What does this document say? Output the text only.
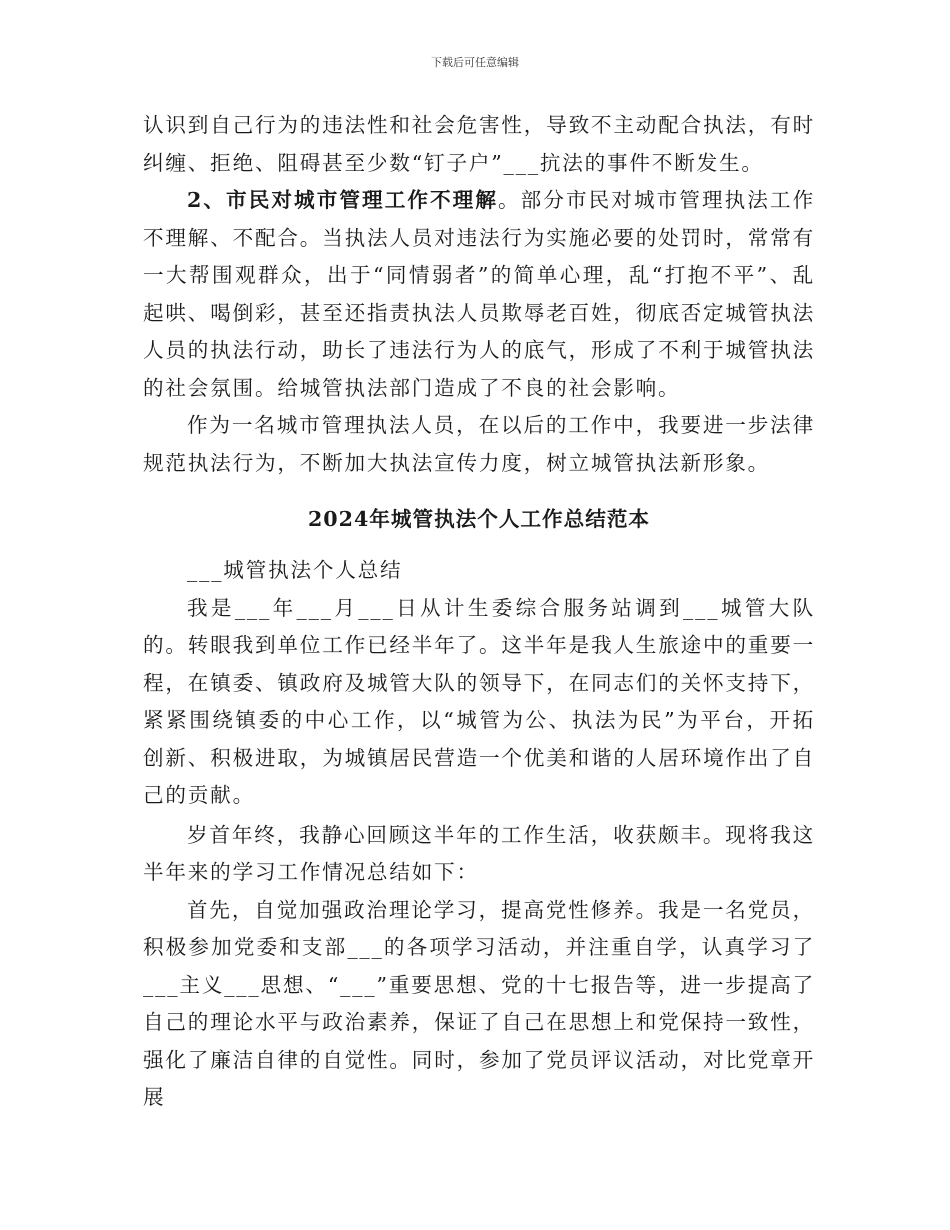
下载后可任意编辑

认识到自己行为的违法性和社会危害性，导致不主动配合执法，有时纠缠、拒绝、阻碍甚至少数“钉子户”___抗法的事件不断发生。

2、市民对城市管理工作不理解。部分市民对城市管理执法工作不理解、不配合。当执法人员对违法行为实施必要的处罚时，常常有一大帮围观群众，出于“同情弱者”的简单心理，乱“打抱不平”、乱起哄、喝倒彩，甚至还指责执法人员欺辱老百姓，彻底否定城管执法人员的执法行动，助长了违法行为人的底气，形成了不利于城管执法的社会氛围。给城管执法部门造成了不良的社会影响。

作为一名城市管理执法人员，在以后的工作中，我要进一步法律规范执法行为，不断加大执法宣传力度，树立城管执法新形象。

2024年城管执法个人工作总结范本

___城管执法个人总结

我是___年___月___日从计生委综合服务站调到___城管大队的。转眼我到单位工作已经半年了。这半年是我人生旅途中的重要一程，在镇委、镇政府及城管大队的领导下，在同志们的关怀支持下，紧紧围绕镇委的中心工作，以“城管为公、执法为民”为平台，开拓创新、积极进取，为城镇居民营造一个优美和谐的人居环境作出了自己的贡献。

岁首年终，我静心回顾这半年的工作生活，收获颇丰。现将我这半年来的学习工作情况总结如下：

首先，自觉加强政治理论学习，提高党性修养。我是一名党员，积极参加党委和支部___的各项学习活动，并注重自学，认真学习了___主义___思想、“___”重要思想、党的十七报告等，进一步提高了自己的理论水平与政治素养，保证了自己在思想上和党保持一致性，强化了廉洁自律的自觉性。同时，参加了党员评议活动，对比党章开展
